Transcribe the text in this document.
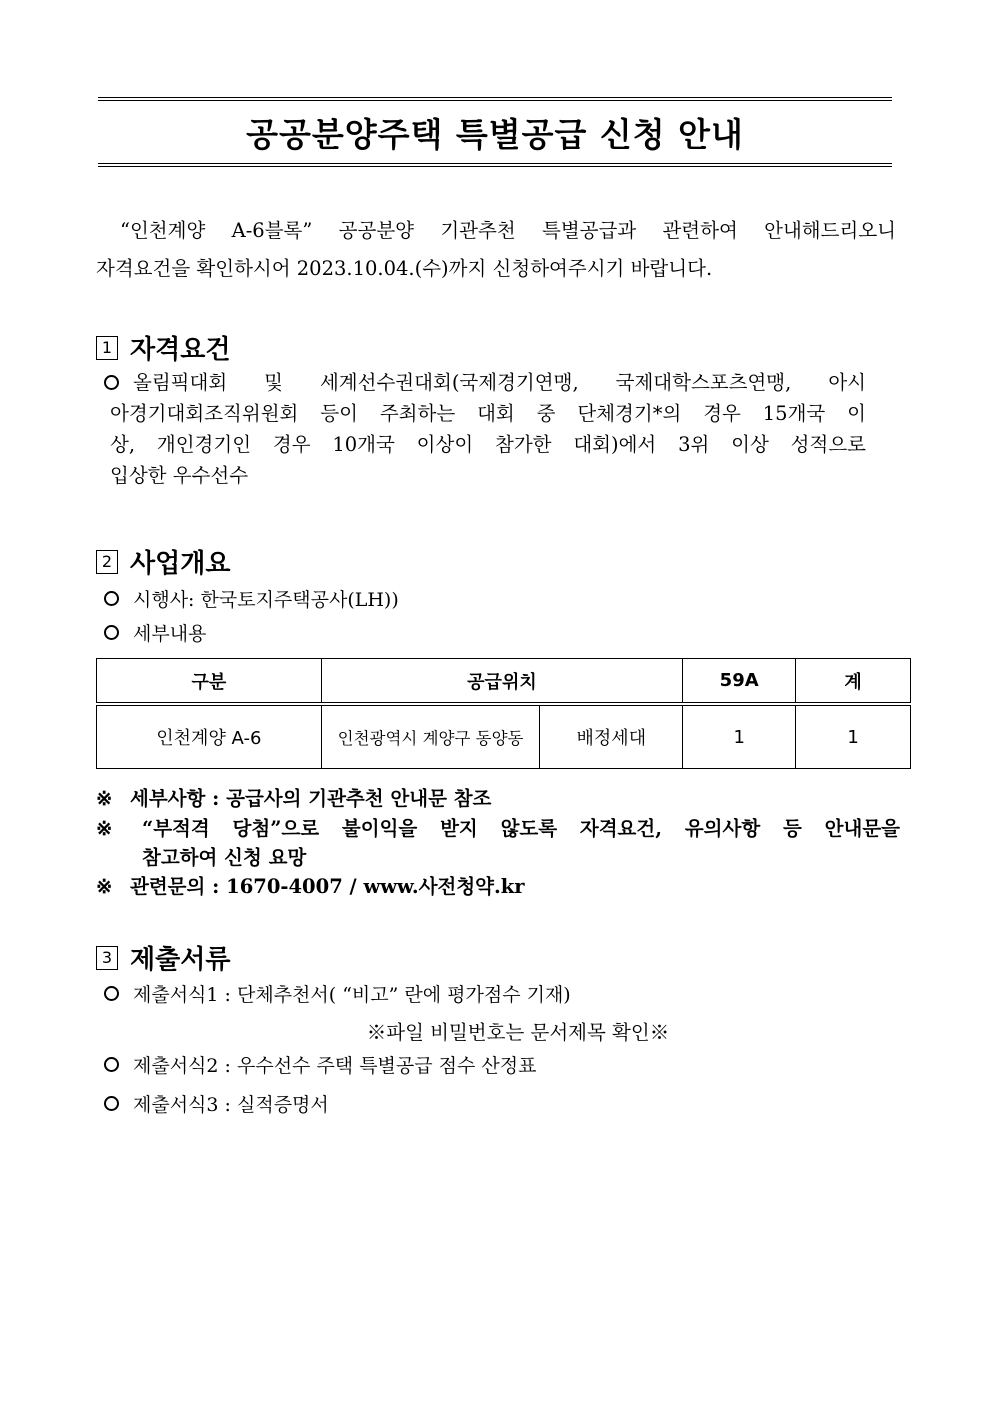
공공분양주택 특별공급 신청 안내
“인천계양 A-6블록” 공공분양 기관추천 특별공급과 관련하여 안내해드리오니
자격요건을 확인하시어 2023.10.04.(수)까지 신청하여주시기 바랍니다.
1 자격요건
올림픽대회 및 세계선수권대회(국제경기연맹, 국제대학스포츠연맹, 아시
아경기대회조직위원회 등이 주최하는 대회 중 단체경기*의 경우 15개국 이
상, 개인경기인 경우 10개국 이상이 참가한 대회)에서 3위 이상 성적으로
입상한 우수선수
2 사업개요
시행사: 한국토지주택공사(LH))
세부내용
구분	공급위치		59A	계
인천계양 A-6	인천광역시 계양구 동양동	배정세대	1	1
※ 세부사항 : 공급사의 기관추천 안내문 참조
※	“부적격 당첨”으로 불이익을 받지 않도록 자격요건, 유의사항 등 안내문을
참고하여 신청 요망
※ 관련문의 : 1670-4007 / www.사전청약.kr
3 제출서류
제출서식1 : 단체추천서( “비고” 란에 평가점수 기재)
※파일 비밀번호는 문서제목 확인※
제출서식2 : 우수선수 주택 특별공급 점수 산정표
제출서식3 : 실적증명서
